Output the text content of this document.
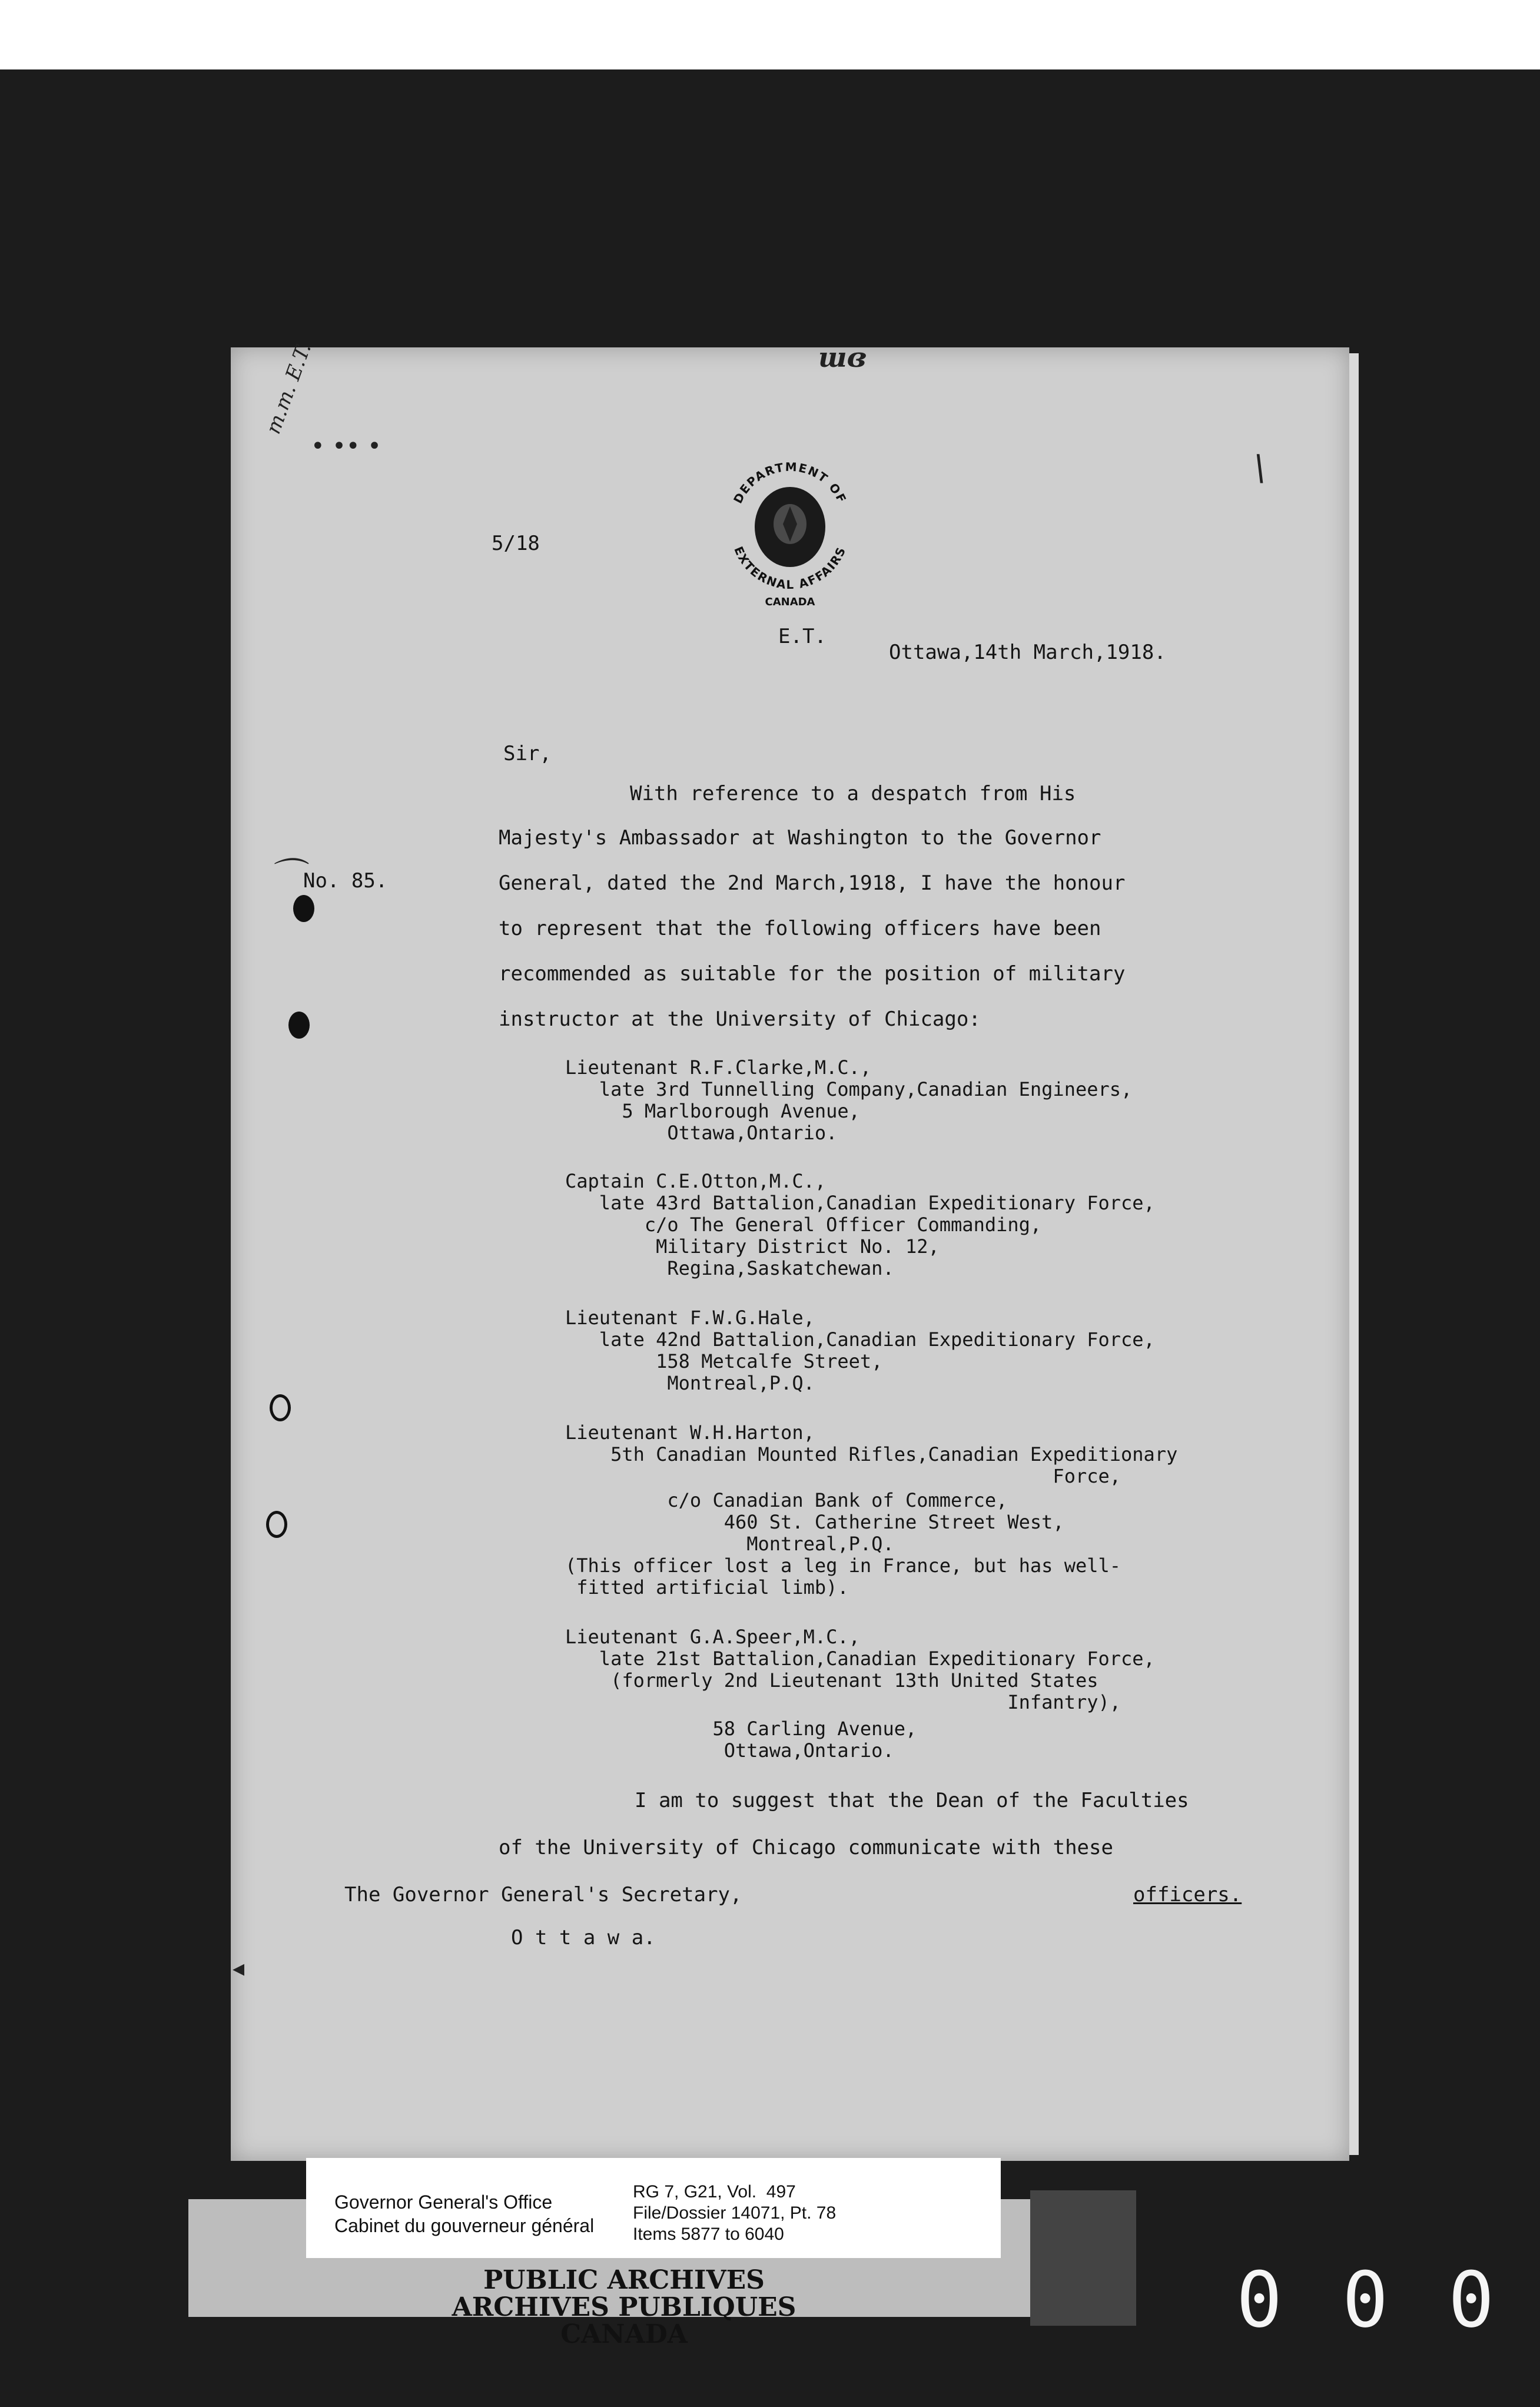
m.m. E.T.
• •• •
ɯɞ
\
DEPARTMENT OF
EXTERNAL AFFAIRS
CANADA
5/18
E.T.
Ottawa,14th March,1918.
Sir,
⌒ No. 85.
With reference to a despatch from His
Majesty's Ambassador at Washington to the Governor
General, dated the 2nd March,1918, I have the honour
to represent that the following officers have been
recommended as suitable for the position of military
instructor at the University of Chicago:
Lieutenant R.F.Clarke,M.C.,
late 3rd Tunnelling Company,Canadian Engineers,
5 Marlborough Avenue,
Ottawa,Ontario.
Captain C.E.Otton,M.C.,
late 43rd Battalion,Canadian Expeditionary Force,
c/o The General Officer Commanding,
Military District No. 12,
Regina,Saskatchewan.
Lieutenant F.W.G.Hale,
late 42nd Battalion,Canadian Expeditionary Force,
158 Metcalfe Street,
Montreal,P.Q.
Lieutenant W.H.Harton,
5th Canadian Mounted Rifles,Canadian Expeditionary
Force,
c/o Canadian Bank of Commerce,
460 St. Catherine Street West,
Montreal,P.Q.
(This officer lost a leg in France, but has well-
fitted artificial limb).
Lieutenant G.A.Speer,M.C.,
late 21st Battalion,Canadian Expeditionary Force,
(formerly 2nd Lieutenant 13th United States
Infantry),
58 Carling Avenue,
Ottawa,Ontario.
I am to suggest that the Dean of the Faculties
of the University of Chicago communicate with these
The Governor General's Secretary,	officers.
O t t a w a.
◂
Governor General's Office
Cabinet du gouverneur général
RG 7, G21, Vol.  497
File/Dossier 14071, Pt. 78
Items 5877 to 6040
PUBLIC ARCHIVES
ARCHIVES PUBLIQUES
CANADA	0 0 0
